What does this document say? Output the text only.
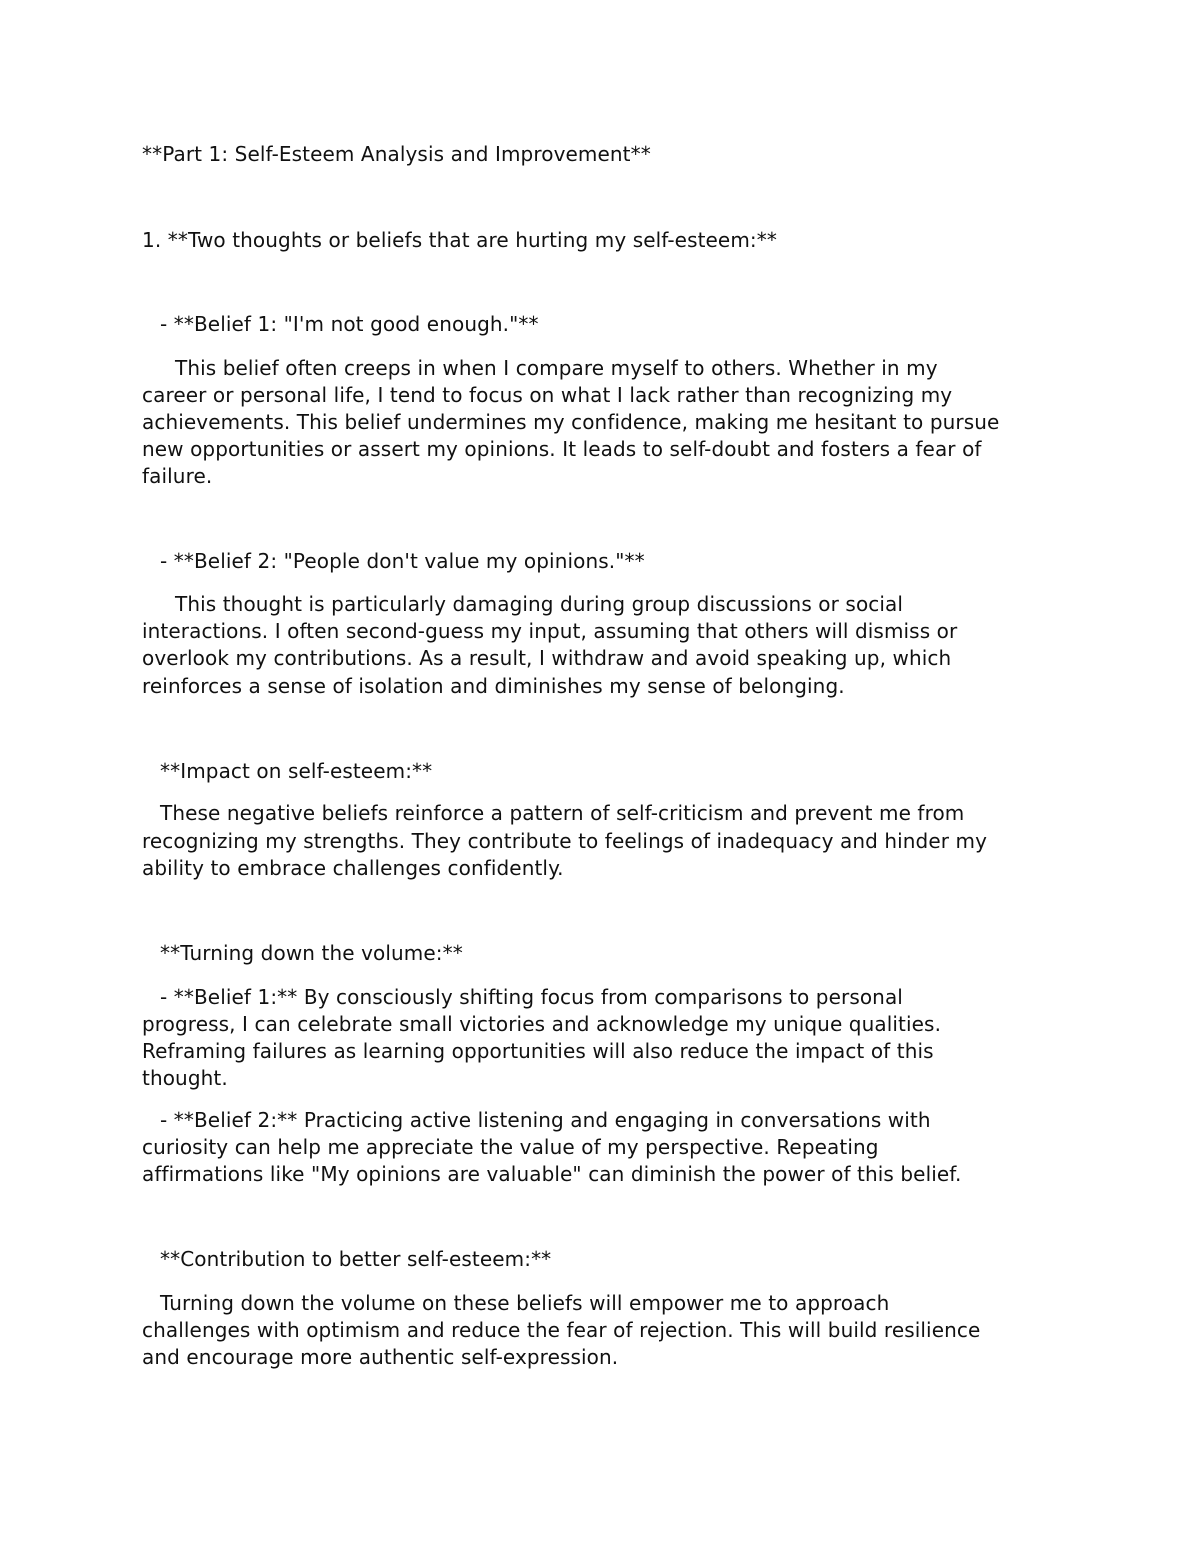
**Part 1: Self-Esteem Analysis and Improvement**
1. **Two thoughts or beliefs that are hurting my self-esteem:**
- **Belief 1: "I'm not good enough."**
This belief often creeps in when I compare myself to others. Whether in my
career or personal life, I tend to focus on what I lack rather than recognizing my
achievements. This belief undermines my confidence, making me hesitant to pursue
new opportunities or assert my opinions. It leads to self-doubt and fosters a fear of
failure.
- **Belief 2: "People don't value my opinions."**
This thought is particularly damaging during group discussions or social
interactions. I often second-guess my input, assuming that others will dismiss or
overlook my contributions. As a result, I withdraw and avoid speaking up, which
reinforces a sense of isolation and diminishes my sense of belonging.
**Impact on self-esteem:**
These negative beliefs reinforce a pattern of self-criticism and prevent me from
recognizing my strengths. They contribute to feelings of inadequacy and hinder my
ability to embrace challenges confidently.
**Turning down the volume:**
- **Belief 1:** By consciously shifting focus from comparisons to personal
progress, I can celebrate small victories and acknowledge my unique qualities.
Reframing failures as learning opportunities will also reduce the impact of this
thought.
- **Belief 2:** Practicing active listening and engaging in conversations with
curiosity can help me appreciate the value of my perspective. Repeating
affirmations like "My opinions are valuable" can diminish the power of this belief.
**Contribution to better self-esteem:**
Turning down the volume on these beliefs will empower me to approach
challenges with optimism and reduce the fear of rejection. This will build resilience
and encourage more authentic self-expression.
